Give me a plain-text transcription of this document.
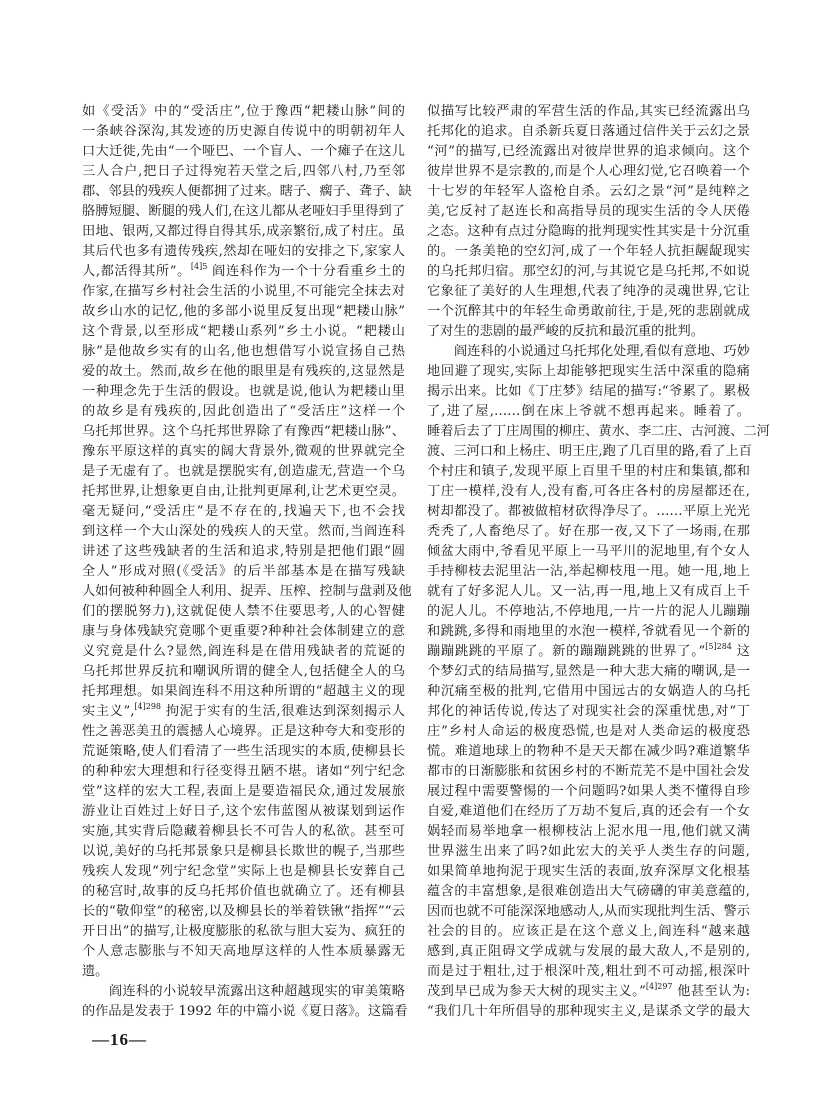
如《受活》中的“受活庄”,位于豫西“耙耧山脉”间的
一条峡谷深沟,其发迹的历史源自传说中的明朝初年人
口大迁徙,先由“一个哑巴、一个盲人、一个瘫子在这儿
三人合户,把日子过得宛若天堂之后,四邻八村,乃至邻
郡、邻县的残疾人便都拥了过来。瞎子、瘸子、聋子、缺
胳膊短腿、断腿的残人们,在这儿都从老哑妇手里得到了
田地、银两,又都过得自得其乐,成亲繁衍,成了村庄。虽
其后代也多有遗传残疾,然却在哑妇的安排之下,家家人
人,都活得其所”。$^{[4]5}$ 阎连科作为一个十分看重乡土的
作家,在描写乡村社会生活的小说里,不可能完全抹去对
故乡山水的记忆,他的多部小说里反复出现“耙耧山脉”
这个背景,以至形成“耙耧山系列”乡土小说。“耙耧山
脉”是他故乡实有的山名,他也想借写小说宣扬自己热
爱的故土。然而,故乡在他的眼里是有残疾的,这显然是
一种理念先于生活的假设。也就是说,他认为耙耧山里
的故乡是有残疾的,因此创造出了“受活庄”这样一个
乌托邦世界。这个乌托邦世界除了有豫西“耙耧山脉”、
豫东平原这样的真实的阔大背景外,微观的世界就完全
是子无虚有了。也就是摆脱实有,创造虚无,营造一个乌
托邦世界,让想象更自由,让批判更犀利,让艺术更空灵。
毫无疑问,“受活庄”是不存在的,找遍天下,也不会找
到这样一个大山深处的残疾人的天堂。然而,当阎连科
讲述了这些残缺者的生活和追求,特别是把他们跟“圆
全人”形成对照(《受活》的后半部基本是在描写残缺
人如何被种种圆全人利用、捉弄、压榨、控制与盘剥及他
们的摆脱努力),这就促使人禁不住要思考,人的心智健
康与身体残缺究竟哪个更重要?种种社会体制建立的意
义究竟是什么?显然,阎连科是在借用残缺者的荒诞的
乌托邦世界反抗和嘲讽所谓的健全人,包括健全人的乌
托邦理想。如果阎连科不用这种所谓的“超越主义的现
实主义”,$^{[4]298}$ 拘泥于实有的生活,很难达到深刻揭示人
性之善恶美丑的震撼人心境界。正是这种夸大和变形的
荒诞策略,使人们看清了一些生活现实的本质,使柳县长
的种种宏大理想和行径变得丑陋不堪。诸如“列宁纪念
堂”这样的宏大工程,表面上是要造福民众,通过发展旅
游业让百姓过上好日子,这个宏伟蓝图从被谋划到运作
实施,其实背后隐藏着柳县长不可告人的私欲。甚至可
以说,美好的乌托邦景象只是柳县长欺世的幌子,当那些
残疾人发现“列宁纪念堂”实际上也是柳县长安葬自己
的秘宫时,故事的反乌托邦价值也就确立了。还有柳县
长的“敬仰堂”的秘密,以及柳县长的举着铁锹“指挥”“云
开日出”的描写,让极度膨胀的私欲与胆大妄为、疯狂的
个人意志膨胀与不知天高地厚这样的人性本质暴露无
遗。
阎连科的小说较早流露出这种超越现实的审美策略
的作品是发表于 1992 年的中篇小说《夏日落》。这篇看
似描写比较严肃的军营生活的作品,其实已经流露出乌
托邦化的追求。自杀新兵夏日落通过信件关于云幻之景
“河”的描写,已经流露出对彼岸世界的追求倾向。这个
彼岸世界不是宗教的,而是个人心理幻觉,它召唤着一个
十七岁的年轻军人盗枪自杀。云幻之景“河”是纯粹之
美,它反衬了赵连长和高指导员的现实生活的令人厌倦
之态。这种有点过分隐晦的批判现实性其实是十分沉重
的。一条美艳的空幻河,成了一个年轻人抗拒龌龊现实
的乌托邦归宿。那空幻的河,与其说它是乌托邦,不如说
它象征了美好的人生理想,代表了纯净的灵魂世界,它让
一个沉醉其中的年轻生命勇敢前往,于是,死的悲剧就成
了对生的悲剧的最严峻的反抗和最沉重的批判。
阎连科的小说通过乌托邦化处理,看似有意地、巧妙
地回避了现实,实际上却能够把现实生活中深重的隐痛
揭示出来。比如《丁庄梦》结尾的描写:“爷累了。累极
了,进了屋,……倒在床上爷就不想再起来。睡着了。
睡着后去了丁庄周围的柳庄、黄水、李二庄、古河渡、二河
渡、三河口和上杨庄、明王庄,跑了几百里的路,看了上百
个村庄和镇子,发现平原上百里千里的村庄和集镇,都和
丁庄一模样,没有人,没有畜,可各庄各村的房屋都还在,
树却都没了。都被做棺材砍得净尽了。……平原上光光
秃秃了,人畜绝尽了。好在那一夜,又下了一场雨,在那
倾盆大雨中,爷看见平原上一马平川的泥地里,有个女人
手持柳枝去泥里沾一沾,举起柳枝甩一甩。她一甩,地上
就有了好多泥人儿。又一沾,再一甩,地上又有成百上千
的泥人儿。不停地沾,不停地甩,一片一片的泥人儿蹦蹦
和跳跳,多得和雨地里的水泡一模样,爷就看见一个新的
蹦蹦跳跳的平原了。新的蹦蹦跳跳的世界了。”$^{[5]284}$ 这
个梦幻式的结局描写,显然是一种大悲大痛的嘲讽,是一
种沉痛至极的批判,它借用中国远古的女娲造人的乌托
邦化的神话传说,传达了对现实社会的深重忧患,对“丁
庄”乡村人命运的极度恐慌,也是对人类命运的极度恐
慌。难道地球上的物种不是天天都在减少吗?难道繁华
都市的日渐膨胀和贫困乡村的不断荒芜不是中国社会发
展过程中需要警惕的一个问题吗?如果人类不懂得自珍
自爱,难道他们在经历了万劫不复后,真的还会有一个女
娲轻而易举地拿一根柳枝沾上泥水甩一甩,他们就又满
世界滋生出来了吗?如此宏大的关乎人类生存的问题,
如果简单地拘泥于现实生活的表面,放弃深厚文化根基
蕴含的丰富想象,是很难创造出大气磅礴的审美意蕴的,
因而也就不可能深深地感动人,从而实现批判生活、警示
社会的目的。应该正是在这个意义上,阎连科“越来越
感到,真正阻碍文学成就与发展的最大敌人,不是别的,
而是过于粗壮,过于根深叶茂,粗壮到不可动摇,根深叶
茂到早已成为参天大树的现实主义。”$^{[4]297}$ 他甚至认为:
“我们几十年所倡导的那种现实主义,是谋杀文学的最大
—16—
